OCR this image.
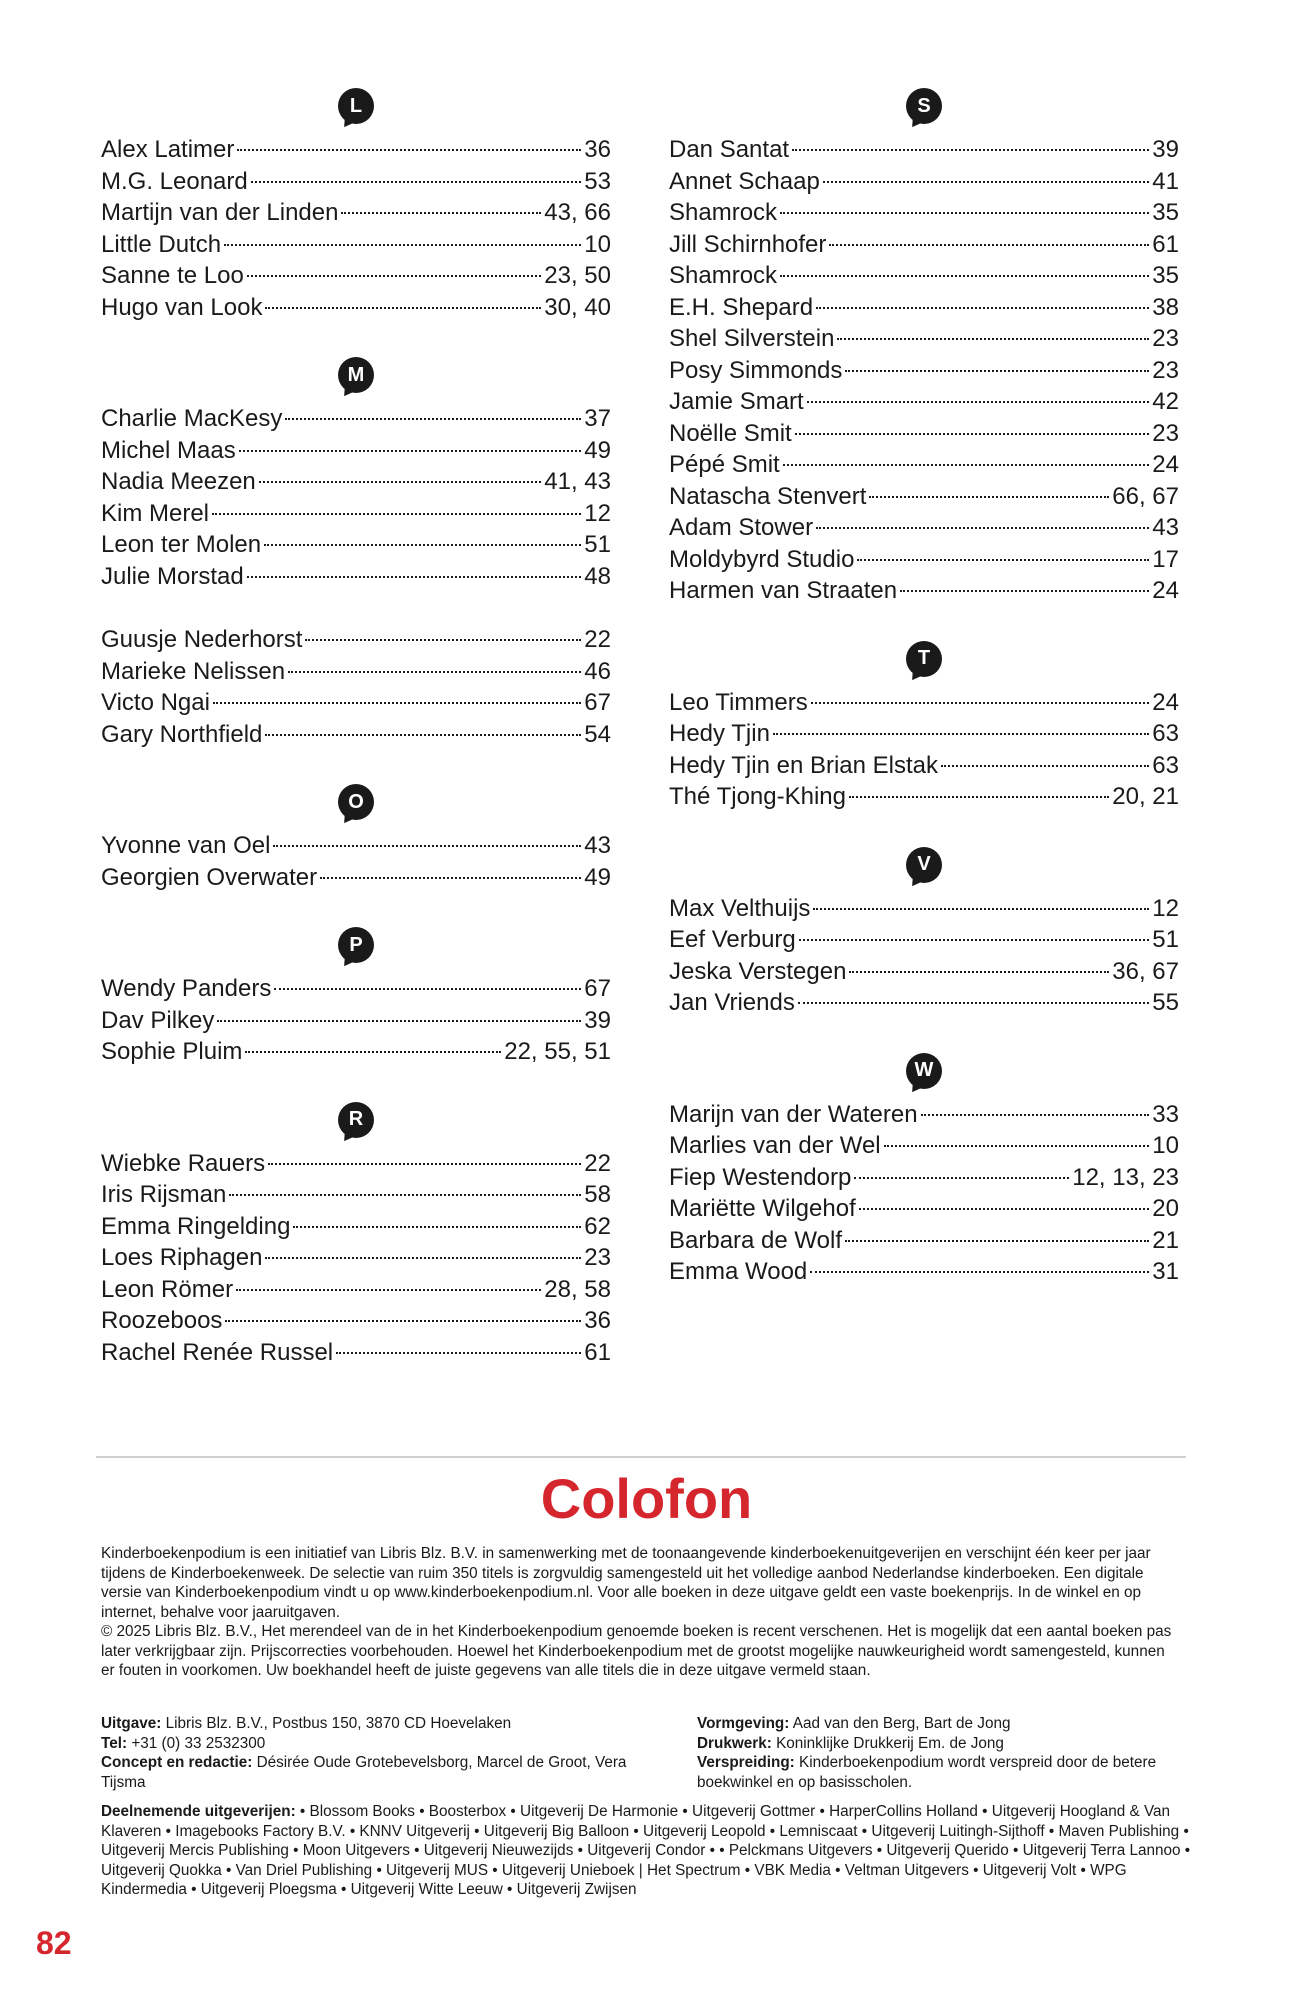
L
Alex Latimer	36
M.G. Leonard	53
Martijn van der Linden	43, 66
Little Dutch	10
Sanne te Loo	23, 50
Hugo van Look	30, 40
M
Charlie MacKesy	37
Michel Maas	49
Nadia Meezen	41, 43
Kim Merel	12
Leon ter Molen	51
Julie Morstad	48
Guusje Nederhorst	22
Marieke Nelissen	46
Victo Ngai	67
Gary Northfield	54
O
Yvonne van Oel	43
Georgien Overwater	49
P
Wendy Panders	67
Dav Pilkey	39
Sophie Pluim	22, 55, 51
R
Wiebke Rauers	22
Iris Rijsman	58
Emma Ringelding	62
Loes Riphagen	23
Leon Römer	28, 58
Roozeboos	36
Rachel Renée Russel	61
S
Dan Santat	39
Annet Schaap	41
Shamrock	35
Jill Schirnhofer	61
Shamrock	35
E.H. Shepard	38
Shel Silverstein	23
Posy Simmonds	23
Jamie Smart	42
Noëlle Smit	23
Pépé Smit	24
Natascha Stenvert	66, 67
Adam Stower	43
Moldybyrd Studio	17
Harmen van Straaten	24
T
Leo Timmers	24
Hedy Tjin	63
Hedy Tjin en Brian Elstak	63
Thé Tjong-Khing	20, 21
V
Max Velthuijs	12
Eef Verburg	51
Jeska Verstegen	36, 67
Jan Vriends	55
W
Marijn van der Wateren	33
Marlies van der Wel	10
Fiep Westendorp	12, 13, 23
Mariëtte Wilgehof	20
Barbara de Wolf	21
Emma Wood	31
Colofon

Kinderboekenpodium is een initiatief van Libris Blz. B.V. in samenwerking met de toonaangevende kinderboekenuitgeverijen en verschijnt één keer per jaar tijdens de Kinderboekenweek. De selectie van ruim 350 titels is zorgvuldig samengesteld uit het volledige aanbod Nederlandse kinderboeken. Een digitale versie van Kinderboekenpodium vindt u op www.kinderboekenpodium.nl. Voor alle boeken in deze uitgave geldt een vaste boekenprijs. In de winkel en op internet, behalve voor jaaruitgaven.

© 2025 Libris Blz. B.V., Het merendeel van de in het Kinderboekenpodium genoemde boeken is recent verschenen. Het is mogelijk dat een aantal boeken pas later verkrijgbaar zijn. Prijscorrecties voorbehouden. Hoewel het Kinderboekenpodium met de grootst mogelijke nauwkeurigheid wordt samengesteld, kunnen er fouten in voorkomen. Uw boekhandel heeft de juiste gegevens van alle titels die in deze uitgave vermeld staan.

Uitgave: Libris Blz. B.V., Postbus 150, 3870 CD Hoevelaken
Tel: +31 (0) 33 2532300
Concept en redactie: Désirée Oude Grotebevelsborg, Marcel de Groot, Vera Tijsma
Vormgeving: Aad van den Berg, Bart de Jong
Drukwerk: Koninklijke Drukkerij Em. de Jong
Verspreiding: Kinderboekenpodium wordt verspreid door de betere boekwinkel en op basisscholen.
Deelnemende uitgeverijen: • Blossom Books • Boosterbox • Uitgeverij De Harmonie • Uitgeverij Gottmer • HarperCollins Holland • Uitgeverij Hoogland & Van Klaveren • Imagebooks Factory B.V. • KNNV Uitgeverij • Uitgeverij Big Balloon • Uitgeverij Leopold • Lemniscaat • Uitgeverij Luitingh-Sijthoff • Maven Publishing • Uitgeverij Mercis Publishing • Moon Uitgevers • Uitgeverij Nieuwezijds • Uitgeverij Condor • • Pelckmans Uitgevers • Uitgeverij Querido • Uitgeverij Terra Lannoo • Uitgeverij Quokka • Van Driel Publishing • Uitgeverij MUS • Uitgeverij Unieboek | Het Spectrum • VBK Media • Veltman Uitgevers • Uitgeverij Volt • WPG Kindermedia • Uitgeverij Ploegsma • Uitgeverij Witte Leeuw • Uitgeverij Zwijsen
82
